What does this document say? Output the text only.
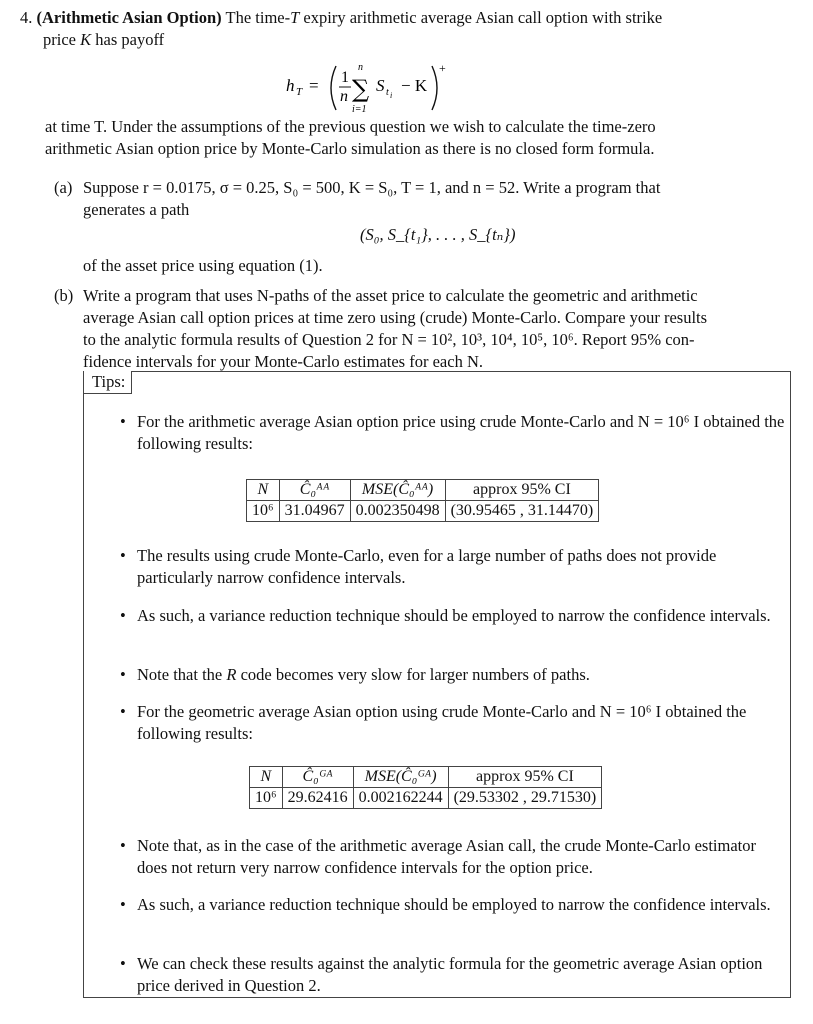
4. (Arithmetic Asian Option) The time-T expiry arithmetic average Asian call option with strike
price K has payoff
h T = 1
n
n
∑
i=1
S t i
− K
+
at time T. Under the assumptions of the previous question we wish to calculate the time-zero
arithmetic Asian option price by Monte-Carlo simulation as there is no closed form formula.
(a) Suppose r = 0.0175, σ = 0.25, S₀ = 500, K = S₀, T = 1, and n = 52. Write a program that
generates a path
(S₀, S_{t₁}, . . . , S_{tₙ})
of the asset price using equation (1).
(b) Write a program that uses N-paths of the asset price to calculate the geometric and arithmetic
average Asian call option prices at time zero using (crude) Monte-Carlo. Compare your results
to the analytic formula results of Question 2 for N = 10², 10³, 10⁴, 10⁵, 10⁶. Report 95% con-
fidence intervals for your Monte-Carlo estimates for each N.
Tips:
• For the arithmetic average Asian option price using crude Monte-Carlo and N = 10⁶ I obtained the following results:
N	Ĉ₀ᴬᴬ	MSE(Ĉ₀ᴬᴬ)	approx 95% CI
10⁶	31.04967	0.002350498	(30.95465 , 31.14470)
• The results using crude Monte-Carlo, even for a large number of paths does not provide particularly narrow confidence intervals.
• As such, a variance reduction technique should be employed to narrow the confidence intervals.
• Note that the R code becomes very slow for larger numbers of paths.
• For the geometric average Asian option using crude Monte-Carlo and N = 10⁶ I obtained the following results:
N	Ĉ₀ᴳᴬ	MSE(Ĉ₀ᴳᴬ)	approx 95% CI
10⁶	29.62416	0.002162244	(29.53302 , 29.71530)
• Note that, as in the case of the arithmetic average Asian call, the crude Monte-Carlo estimator does not return very narrow confidence intervals for the option price.
• As such, a variance reduction technique should be employed to narrow the confidence intervals.
• We can check these results against the analytic formula for the geometric average Asian option price derived in Question 2.
